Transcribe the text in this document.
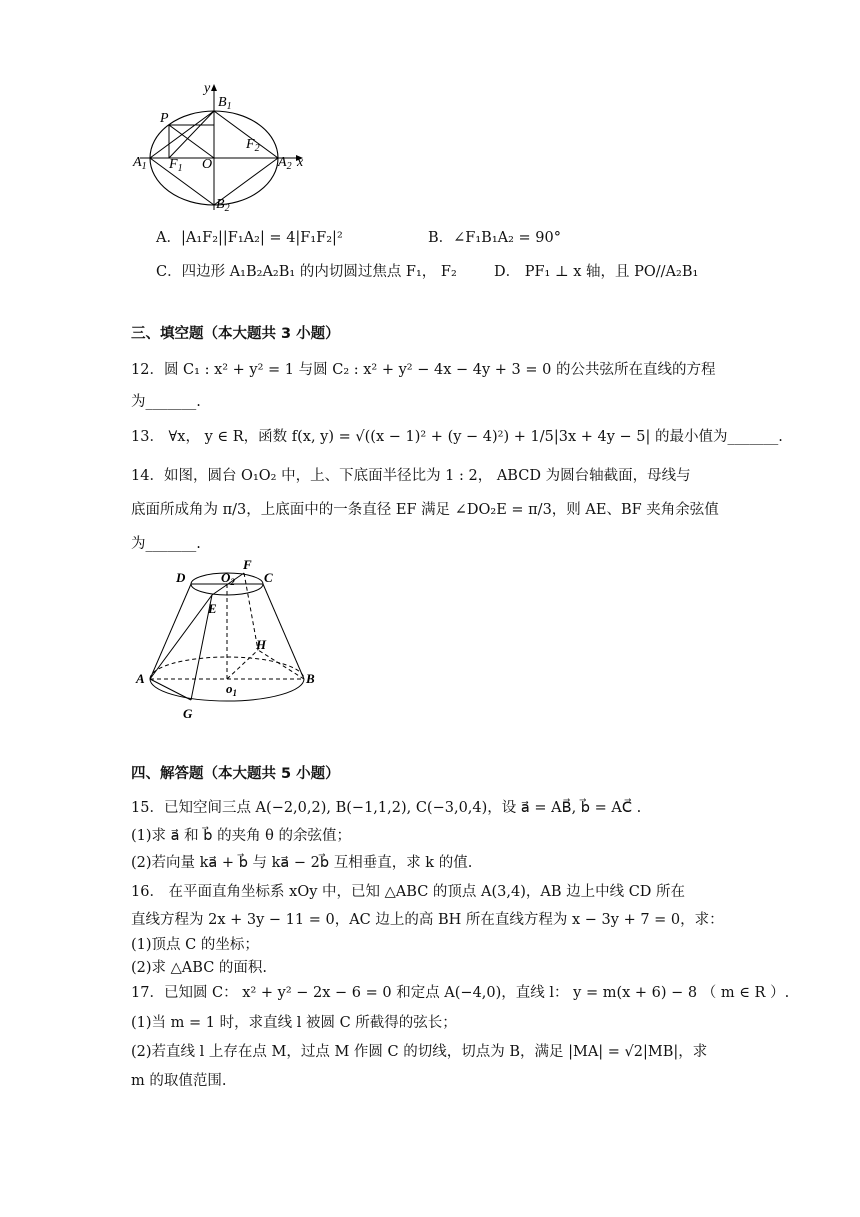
y
$B_1$
P
$F_2$
$A_1$ $F_1$ O	$A_2$ x
$B_2$
A．|A₁F₂||F₁A₂| = 4|F₁F₂|²	B．∠F₁B₁A₂ = 90°
C．四边形 A₁B₂A₂B₁ 的内切圆过焦点 F₁， F₂	D． PF₁ ⊥ x 轴，且 PO//A₂B₁
三、填空题（本大题共 3 小题）
12．圆 C₁ : x² + y² = 1 与圆 C₂ : x² + y² − 4x − 4y + 3 = 0 的公共弦所在直线的方程
为_______.
13． ∀x， y ∈ R，函数 f(x, y) = √((x − 1)² + (y − 4)²) + 1/5|3x + 4y − 5| 的最小值为_______.
14．如图，圆台 O₁O₂ 中，上、下底面半径比为 1 : 2， ABCD 为圆台轴截面，母线与
底面所成角为 π/3，上底面中的一条直径 EF 满足 ∠DO₂E = π/3，则 AE、BF 夹角余弦值
为_______.
D	$O_2$
F
C
E
H
A	B
$o_1$
G
四、解答题（本大题共 5 小题）
15．已知空间三点 A(−2,0,2), B(−1,1,2), C(−3,0,4)，设 a⃗ = AB⃗, b⃗ = AC⃗ .
(1)求 a⃗ 和 b⃗ 的夹角 θ 的余弦值；
(2)若向量 ka⃗ + b⃗ 与 ka⃗ − 2b⃗ 互相垂直，求 k 的值.
16． 在平面直角坐标系 xOy 中，已知 △ABC 的顶点 A(3,4)，AB 边上中线 CD 所在
直线方程为 2x + 3y − 11 = 0，AC 边上的高 BH 所在直线方程为 x − 3y + 7 = 0，求：
(1)顶点 C 的坐标；
(2)求 △ABC 的面积.
17．已知圆 C： x² + y² − 2x − 6 = 0 和定点 A(−4,0)，直线 l： y = m(x + 6) − 8 （ m ∈ R ）.
(1)当 m = 1 时，求直线 l 被圆 C 所截得的弦长；
(2)若直线 l 上存在点 M，过点 M 作圆 C 的切线，切点为 B，满足 |MA| = √2|MB|，求
m 的取值范围.
